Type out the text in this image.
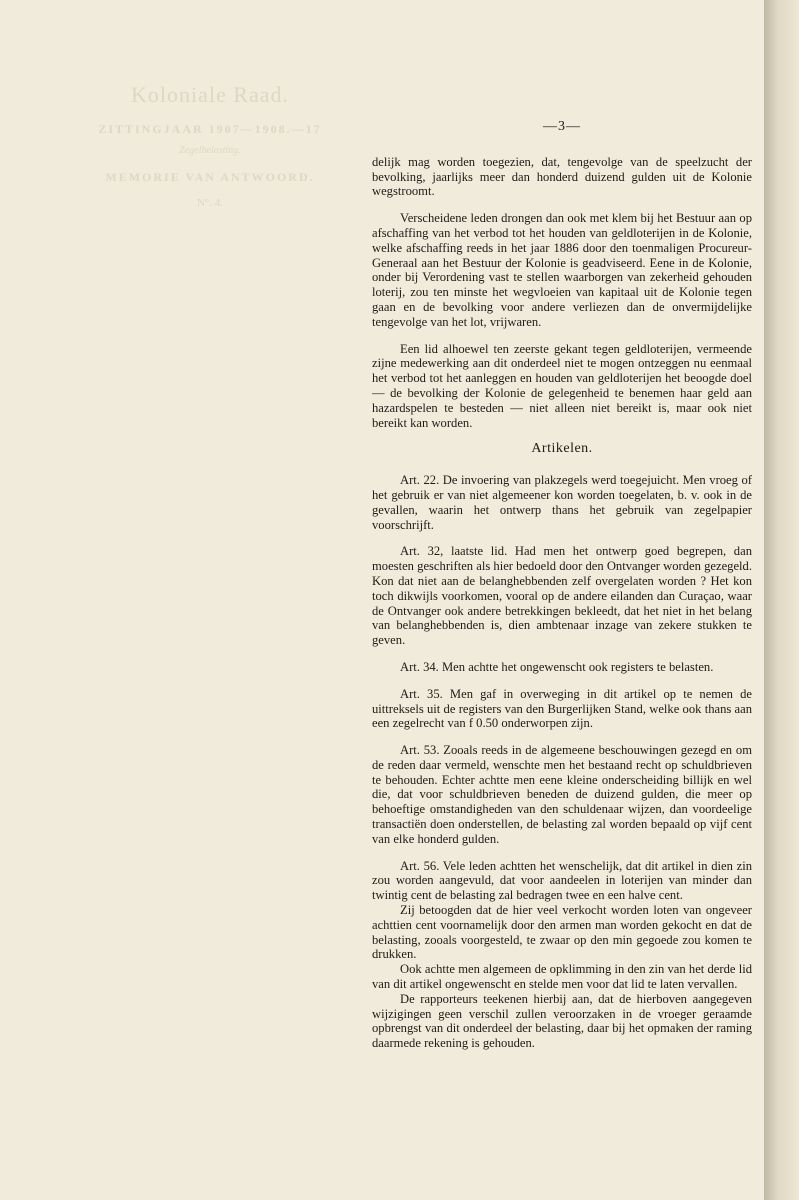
Koloniale Raad.
ZITTINGJAAR 1907—1908.—17
Zegelbelasting.
MEMORIE VAN ANTWOORD.
N°. 4.
—3—

delijk mag worden toegezien, dat, tengevolge van de speelzucht der bevolking, jaarlijks meer dan honderd duizend gulden uit de Kolonie wegstroomt.

Verscheidene leden drongen dan ook met klem bij het Bestuur aan op afschaffing van het verbod tot het houden van geldloterijen in de Kolonie, welke afschaffing reeds in het jaar 1886 door den toenmaligen Procureur-Generaal aan het Bestuur der Kolonie is geadviseerd. Eene in de Kolonie, onder bij Verordening vast te stellen waarborgen van zekerheid gehouden loterij, zou ten minste het wegvloeien van kapitaal uit de Kolonie tegen gaan en de bevolking voor andere verliezen dan de onvermijdelijke tengevolge van het lot, vrijwaren.

Een lid alhoewel ten zeerste gekant tegen geldloterijen, vermeende zijne medewerking aan dit onderdeel niet te mogen ontzeggen nu eenmaal het verbod tot het aanleggen en houden van geldloterijen het beoogde doel — de bevolking der Kolonie de gelegenheid te benemen haar geld aan hazardspelen te besteden — niet alleen niet bereikt is, maar ook niet bereikt kan worden.

Artikelen.

Art. 22. De invoering van plakzegels werd toegejuicht. Men vroeg of het gebruik er van niet algemeener kon worden toegelaten, b. v. ook in de gevallen, waarin het ontwerp thans het gebruik van zegelpapier voorschrijft.

Art. 32, laatste lid. Had men het ontwerp goed begrepen, dan moesten geschriften als hier bedoeld door den Ontvanger worden gezegeld. Kon dat niet aan de belanghebbenden zelf overgelaten worden ? Het kon toch dikwijls voorkomen, vooral op de andere eilanden dan Curaçao, waar de Ontvanger ook andere betrekkingen bekleedt, dat het niet in het belang van belanghebbenden is, dien ambtenaar inzage van zekere stukken te geven.

Art. 34. Men achtte het ongewenscht ook registers te belasten.

Art. 35. Men gaf in overweging in dit artikel op te nemen de uittreksels uit de registers van den Burgerlijken Stand, welke ook thans aan een zegelrecht van f 0.50 onderworpen zijn.

Art. 53. Zooals reeds in de algemeene beschouwingen gezegd en om de reden daar vermeld, wenschte men het bestaand recht op schuldbrieven te behouden. Echter achtte men eene kleine onderscheiding billijk en wel die, dat voor schuldbrieven beneden de duizend gulden, die meer op behoeftige omstandigheden van den schuldenaar wijzen, dan voordeelige transactiën doen onderstellen, de belasting zal worden bepaald op vijf cent van elke honderd gulden.

Art. 56. Vele leden achtten het wenschelijk, dat dit artikel in dien zin zou worden aangevuld, dat voor aandeelen in loterijen van minder dan twintig cent de belasting zal bedragen twee en een halve cent.

Zij betoogden dat de hier veel verkocht worden loten van ongeveer achttien cent voornamelijk door den armen man worden gekocht en dat de belasting, zooals voorgesteld, te zwaar op den min gegoede zou komen te drukken.

Ook achtte men algemeen de opklimming in den zin van het derde lid van dit artikel ongewenscht en stelde men voor dat lid te laten vervallen.

De rapporteurs teekenen hierbij aan, dat de hierboven aangegeven wijzigingen geen verschil zullen veroorzaken in de vroeger geraamde opbrengst van dit onderdeel der belasting, daar bij het opmaken der raming daarmede rekening is gehouden.
